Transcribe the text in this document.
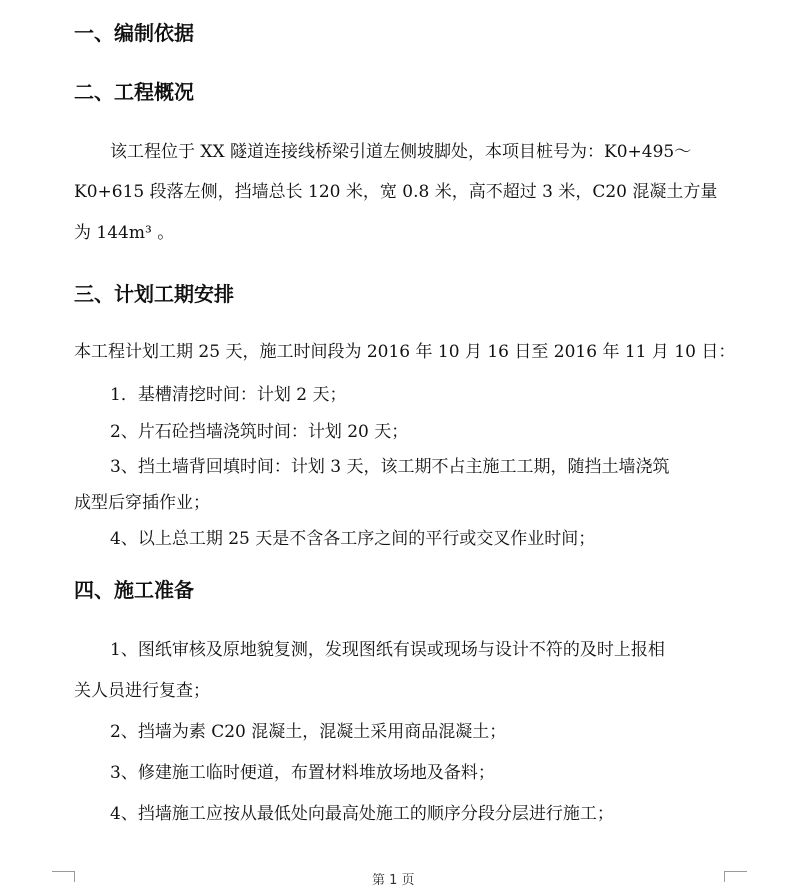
一、编制依据
二、工程概况

该工程位于 XX 隧道连接线桥梁引道左侧坡脚处，本项目桩号为：K0+495～

K0+615 段落左侧，挡墙总长 120 米，宽 0.8 米，高不超过 3 米，C20 混凝土方量

为 144m³ 。

三、计划工期安排

本工程计划工期 25 天，施工时间段为 2016 年 10 月 16 日至 2016 年 11 月 10 日：

1．基槽清挖时间：计划 2 天；

2、片石砼挡墙浇筑时间：计划 20 天；

3、挡土墙背回填时间：计划 3 天，该工期不占主施工工期，随挡土墙浇筑

成型后穿插作业；

4、以上总工期 25 天是不含各工序之间的平行或交叉作业时间；

四、施工准备

1、图纸审核及原地貌复测，发现图纸有误或现场与设计不符的及时上报相

关人员进行复查；

2、挡墙为素 C20 混凝土，混凝土采用商品混凝土；

3、修建施工临时便道，布置材料堆放场地及备料；

4、挡墙施工应按从最低处向最高处施工的顺序分段分层进行施工；

第 1 页
